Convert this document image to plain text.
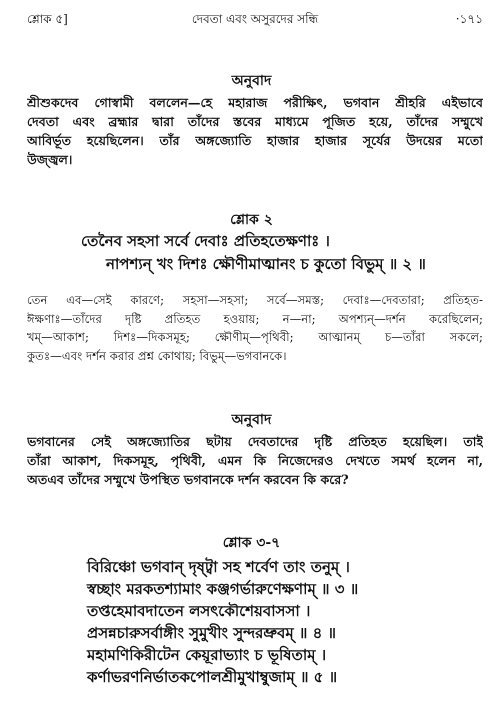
শ্লোক ৫]	দেবতা এবং অসুরদের সন্ধি	·১৭১
অনুবাদ
শ্রীশুকদেব গোস্বামী বললেন—হে মহারাজ পরীক্ষিৎ, ভগবান শ্রীহরি এইভাবে
দেবতা এবং ব্রহ্মার দ্বারা তাঁদের স্তবের মাধ্যমে পূজিত হয়ে, তাঁদের সম্মুখে
আবির্ভূত হয়েছিলেন। তাঁর অঙ্গজ্যোতি হাজার হাজার সূর্যের উদয়ের মতো
উজ্জ্বল।
শ্লোক ২
তেনৈব সহসা সর্বে দেবাঃ প্রতিহতেক্ষণাঃ ।
নাপশ্যন্ খং দিশঃ ক্ষৌণীমাত্মানং চ কুতো বিভুম্ ॥ ২ ॥
তেন এব—সেই কারণে; সহসা—সহসা; সর্বে—সমস্ত; দেবাঃ—দেবতারা; প্রতিহত-
ঈক্ষণাঃ—তাঁদের দৃষ্টি প্রতিহত হওয়ায়; ন—না; অপশ্যন্—দর্শন করেছিলেন;
খম্—আকাশ; দিশঃ—দিকসমূহ; ক্ষৌণীম্—পৃথিবী; আত্মানম্ চ—তাঁরা সকলে;
কুতঃ—এবং দর্শন করার প্রশ্ন কোথায়; বিভুম্—ভগবানকে।
অনুবাদ
ভগবানের সেই অঙ্গজ্যোতির ছটায় দেবতাদের দৃষ্টি প্রতিহত হয়েছিল। তাই
তাঁরা আকাশ, দিকসমূহ, পৃথিবী, এমন কি নিজেদেরও দেখতে সমর্থ হলেন না,
অতএব তাঁদের সম্মুখে উপস্থিত ভগবানকে দর্শন করবেন কি করে?
শ্লোক ৩-৭
বিরিঞ্চো ভগবান্ দৃষ্ট্বা সহ শর্বেণ তাং তনুম্ ।
স্বচ্ছাং মরকতশ্যামাং কঞ্জগর্ভারুণেক্ষণাম্ ॥ ৩ ॥
তপ্তহেমাবদাতেন লসৎকৌশেয়বাসসা ।
প্রসন্নচারুসর্বাঙ্গীং সুমুখীং সুন্দরভ্রুবম্ ॥ ৪ ॥
মহামণিকিরীটেন কেয়ূরাভ্যাং চ ভূষিতাম্ ।
কর্ণাভরণনির্ভাতকপোলশ্রীমুখাম্বুজাম্ ॥ ৫ ॥
